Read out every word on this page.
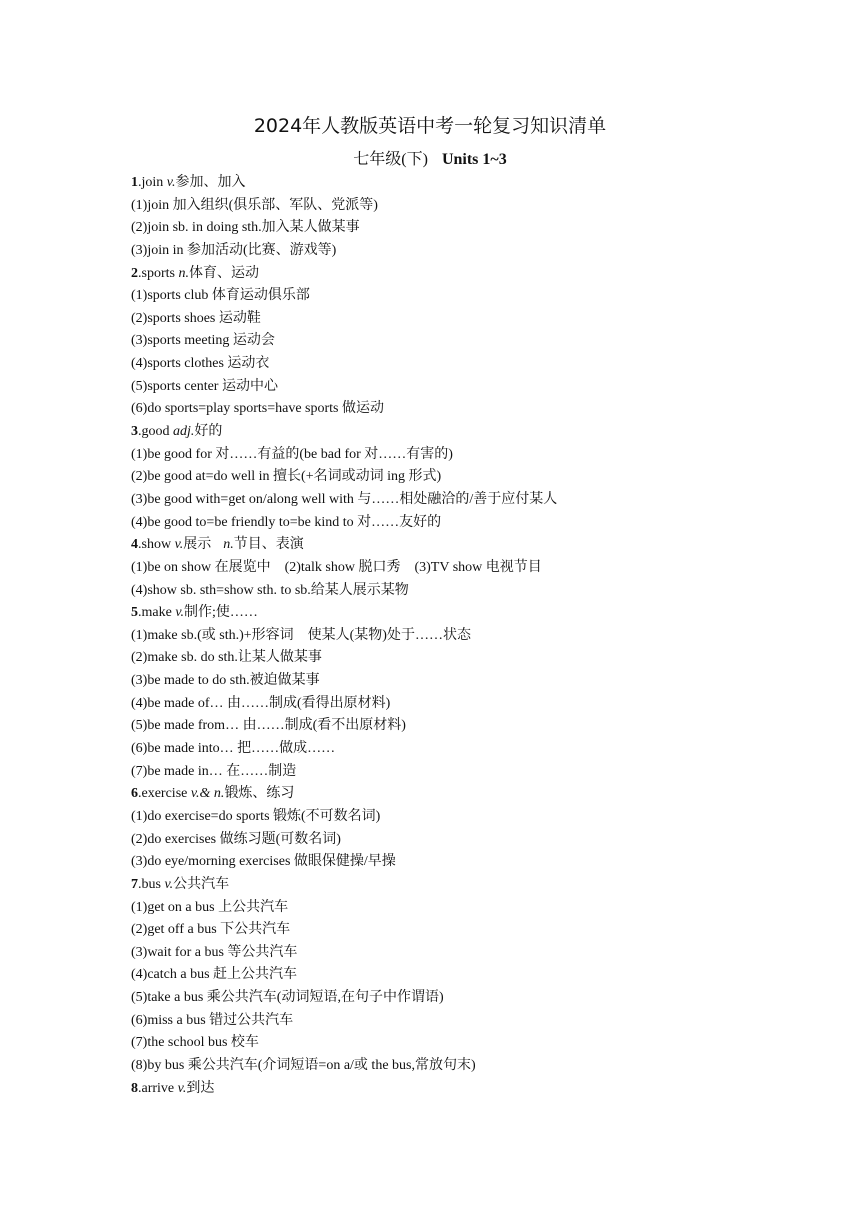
2024年人教版英语中考一轮复习知识清单
七年级(下) Units 1~3
1.join v.参加、加入
(1)join 加入组织(俱乐部、军队、党派等)
(2)join sb. in doing sth.加入某人做某事
(3)join in 参加活动(比赛、游戏等)
2.sports n.体育、运动
(1)sports club 体育运动俱乐部
(2)sports shoes 运动鞋
(3)sports meeting 运动会
(4)sports clothes 运动衣
(5)sports center 运动中心
(6)do sports=play sports=have sports 做运动
3.good adj.好的
(1)be good for 对……有益的(be bad for 对……有害的)
(2)be good at=do well in 擅长(+名词或动词 ing 形式)
(3)be good with=get on/along well with 与……相处融洽的/善于应付某人
(4)be good to=be friendly to=be kind to 对……友好的
4.show v.展示 n.节目、表演
(1)be on show 在展览中　(2)talk show 脱口秀　(3)TV show 电视节目
(4)show sb. sth=show sth. to sb.给某人展示某物
5.make v.制作;使……
(1)make sb.(或 sth.)+形容词　使某人(某物)处于……状态
(2)make sb. do sth.让某人做某事
(3)be made to do sth.被迫做某事
(4)be made of… 由……制成(看得出原材料)
(5)be made from… 由……制成(看不出原材料)
(6)be made into… 把……做成……
(7)be made in… 在……制造
6.exercise v.& n.锻炼、练习
(1)do exercise=do sports 锻炼(不可数名词)
(2)do exercises 做练习题(可数名词)
(3)do eye/morning exercises 做眼保健操/早操
7.bus v.公共汽车
(1)get on a bus 上公共汽车
(2)get off a bus 下公共汽车
(3)wait for a bus 等公共汽车
(4)catch a bus 赶上公共汽车
(5)take a bus 乘公共汽车(动词短语,在句子中作谓语)
(6)miss a bus 错过公共汽车
(7)the school bus 校车
(8)by bus 乘公共汽车(介词短语=on a/或 the bus,常放句末)
8.arrive v.到达
